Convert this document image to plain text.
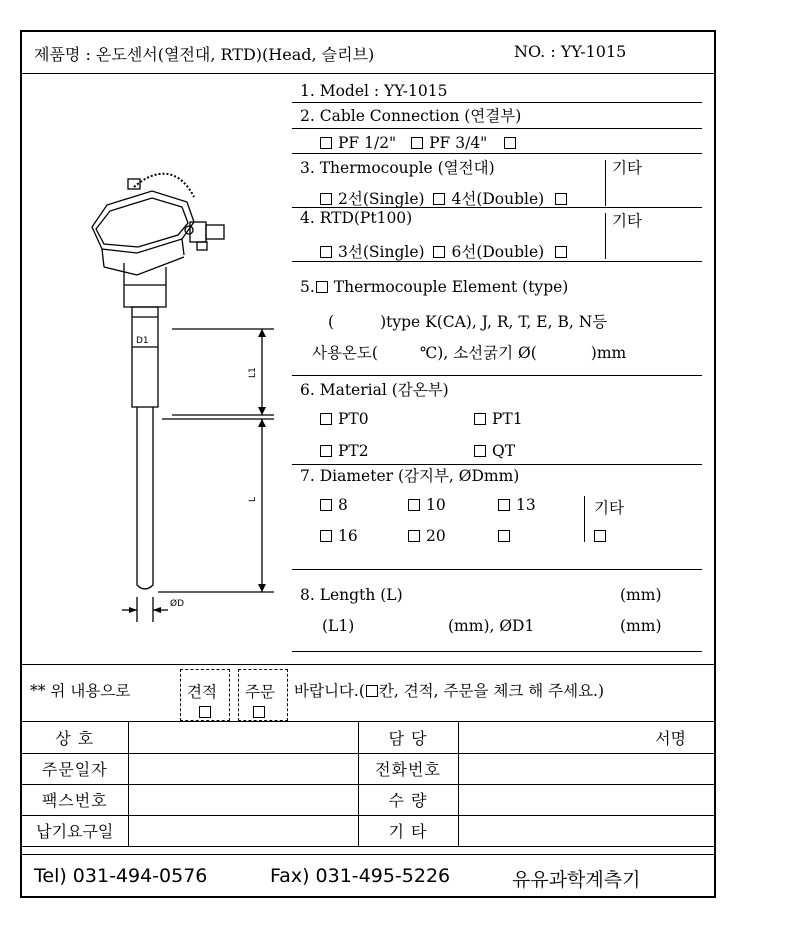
제품명 : 온도센서(열전대, RTD)(Head, 슬리브)	NO. : YY-1015
D1
L1
L
ØD
1. Model : YY-1015
2. Cable Connection (연결부)
PF 1/2" PF 3/4"
3. Thermocouple (열전대)	기타
2선(Single) 4선(Double)
4. RTD(Pt100)	기타
3선(Single) 6선(Double)
5. Thermocouple Element (type)
(	)type K(CA), J, R, T, E, B, N등
사용온도(	℃), 소선굵기 Ø(	)mm
6. Material (감온부)
PT0	PT1
PT2	QT
7. Diameter (감지부, ØDmm)
8	10	13	기타
16	20
8. Length (L)	(mm)
(L1)	(mm), ØD1	(mm)
** 위 내용으로	견적 주문 바랍니다.( 칸, 견적, 주문을 체크 해 주세요.)
상 호		담 당	서명
주문일자		전화번호	
팩스번호		수 량	
납기요구일		기 타	
Tel) 031-494-0576	Fax) 031-495-5226	유유과학계측기
